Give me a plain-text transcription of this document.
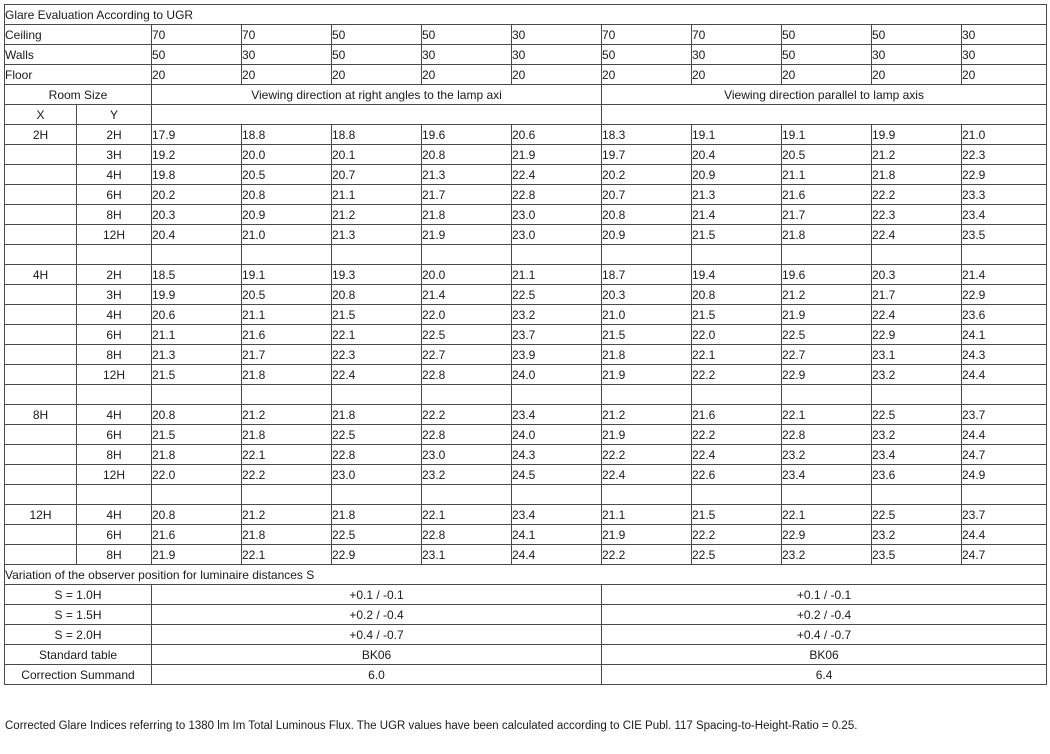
Glare Evaluation According to UGR											
Ceiling		70	70	50	50	30	70	70	50	50	30
Walls		50	30	50	30	30	50	30	50	30	30
Floor		20	20	20	20	20	20	20	20	20	20
Room Size		Viewing direction at right angles to the lamp axi					Viewing direction parallel to lamp axis				
X	Y										
2H	2H	17.9	18.8	18.8	19.6	20.6	18.3	19.1	19.1	19.9	21.0
	3H	19.2	20.0	20.1	20.8	21.9	19.7	20.4	20.5	21.2	22.3
	4H	19.8	20.5	20.7	21.3	22.4	20.2	20.9	21.1	21.8	22.9
	6H	20.2	20.8	21.1	21.7	22.8	20.7	21.3	21.6	22.2	23.3
	8H	20.3	20.9	21.2	21.8	23.0	20.8	21.4	21.7	22.3	23.4
	12H	20.4	21.0	21.3	21.9	23.0	20.9	21.5	21.8	22.4	23.5

4H	2H	18.5	19.1	19.3	20.0	21.1	18.7	19.4	19.6	20.3	21.4
	3H	19.9	20.5	20.8	21.4	22.5	20.3	20.8	21.2	21.7	22.9
	4H	20.6	21.1	21.5	22.0	23.2	21.0	21.5	21.9	22.4	23.6
	6H	21.1	21.6	22.1	22.5	23.7	21.5	22.0	22.5	22.9	24.1
	8H	21.3	21.7	22.3	22.7	23.9	21.8	22.1	22.7	23.1	24.3
	12H	21.5	21.8	22.4	22.8	24.0	21.9	22.2	22.9	23.2	24.4

8H	4H	20.8	21.2	21.8	22.2	23.4	21.2	21.6	22.1	22.5	23.7
	6H	21.5	21.8	22.5	22.8	24.0	21.9	22.2	22.8	23.2	24.4
	8H	21.8	22.1	22.8	23.0	24.3	22.2	22.4	23.2	23.4	24.7
	12H	22.0	22.2	23.0	23.2	24.5	22.4	22.6	23.4	23.6	24.9

12H	4H	20.8	21.2	21.8	22.1	23.4	21.1	21.5	22.1	22.5	23.7
	6H	21.6	21.8	22.5	22.8	24.1	21.9	22.2	22.9	23.2	24.4
	8H	21.9	22.1	22.9	23.1	24.4	22.2	22.5	23.2	23.5	24.7
Variation of the observer position for luminaire distances S											
S = 1.0H		+0.1 / -0.1					+0.1 / -0.1				
S = 1.5H		+0.2 / -0.4					+0.2 / -0.4				
S = 2.0H		+0.4 / -0.7					+0.4 / -0.7				
Standard table		BK06					BK06				
Correction Summand		6.0					6.4				
Corrected Glare Indices referring to 1380 lm Im Total Luminous Flux. The UGR values have been calculated according to CIE Publ. 117 Spacing-to-Height-Ratio = 0.25.
